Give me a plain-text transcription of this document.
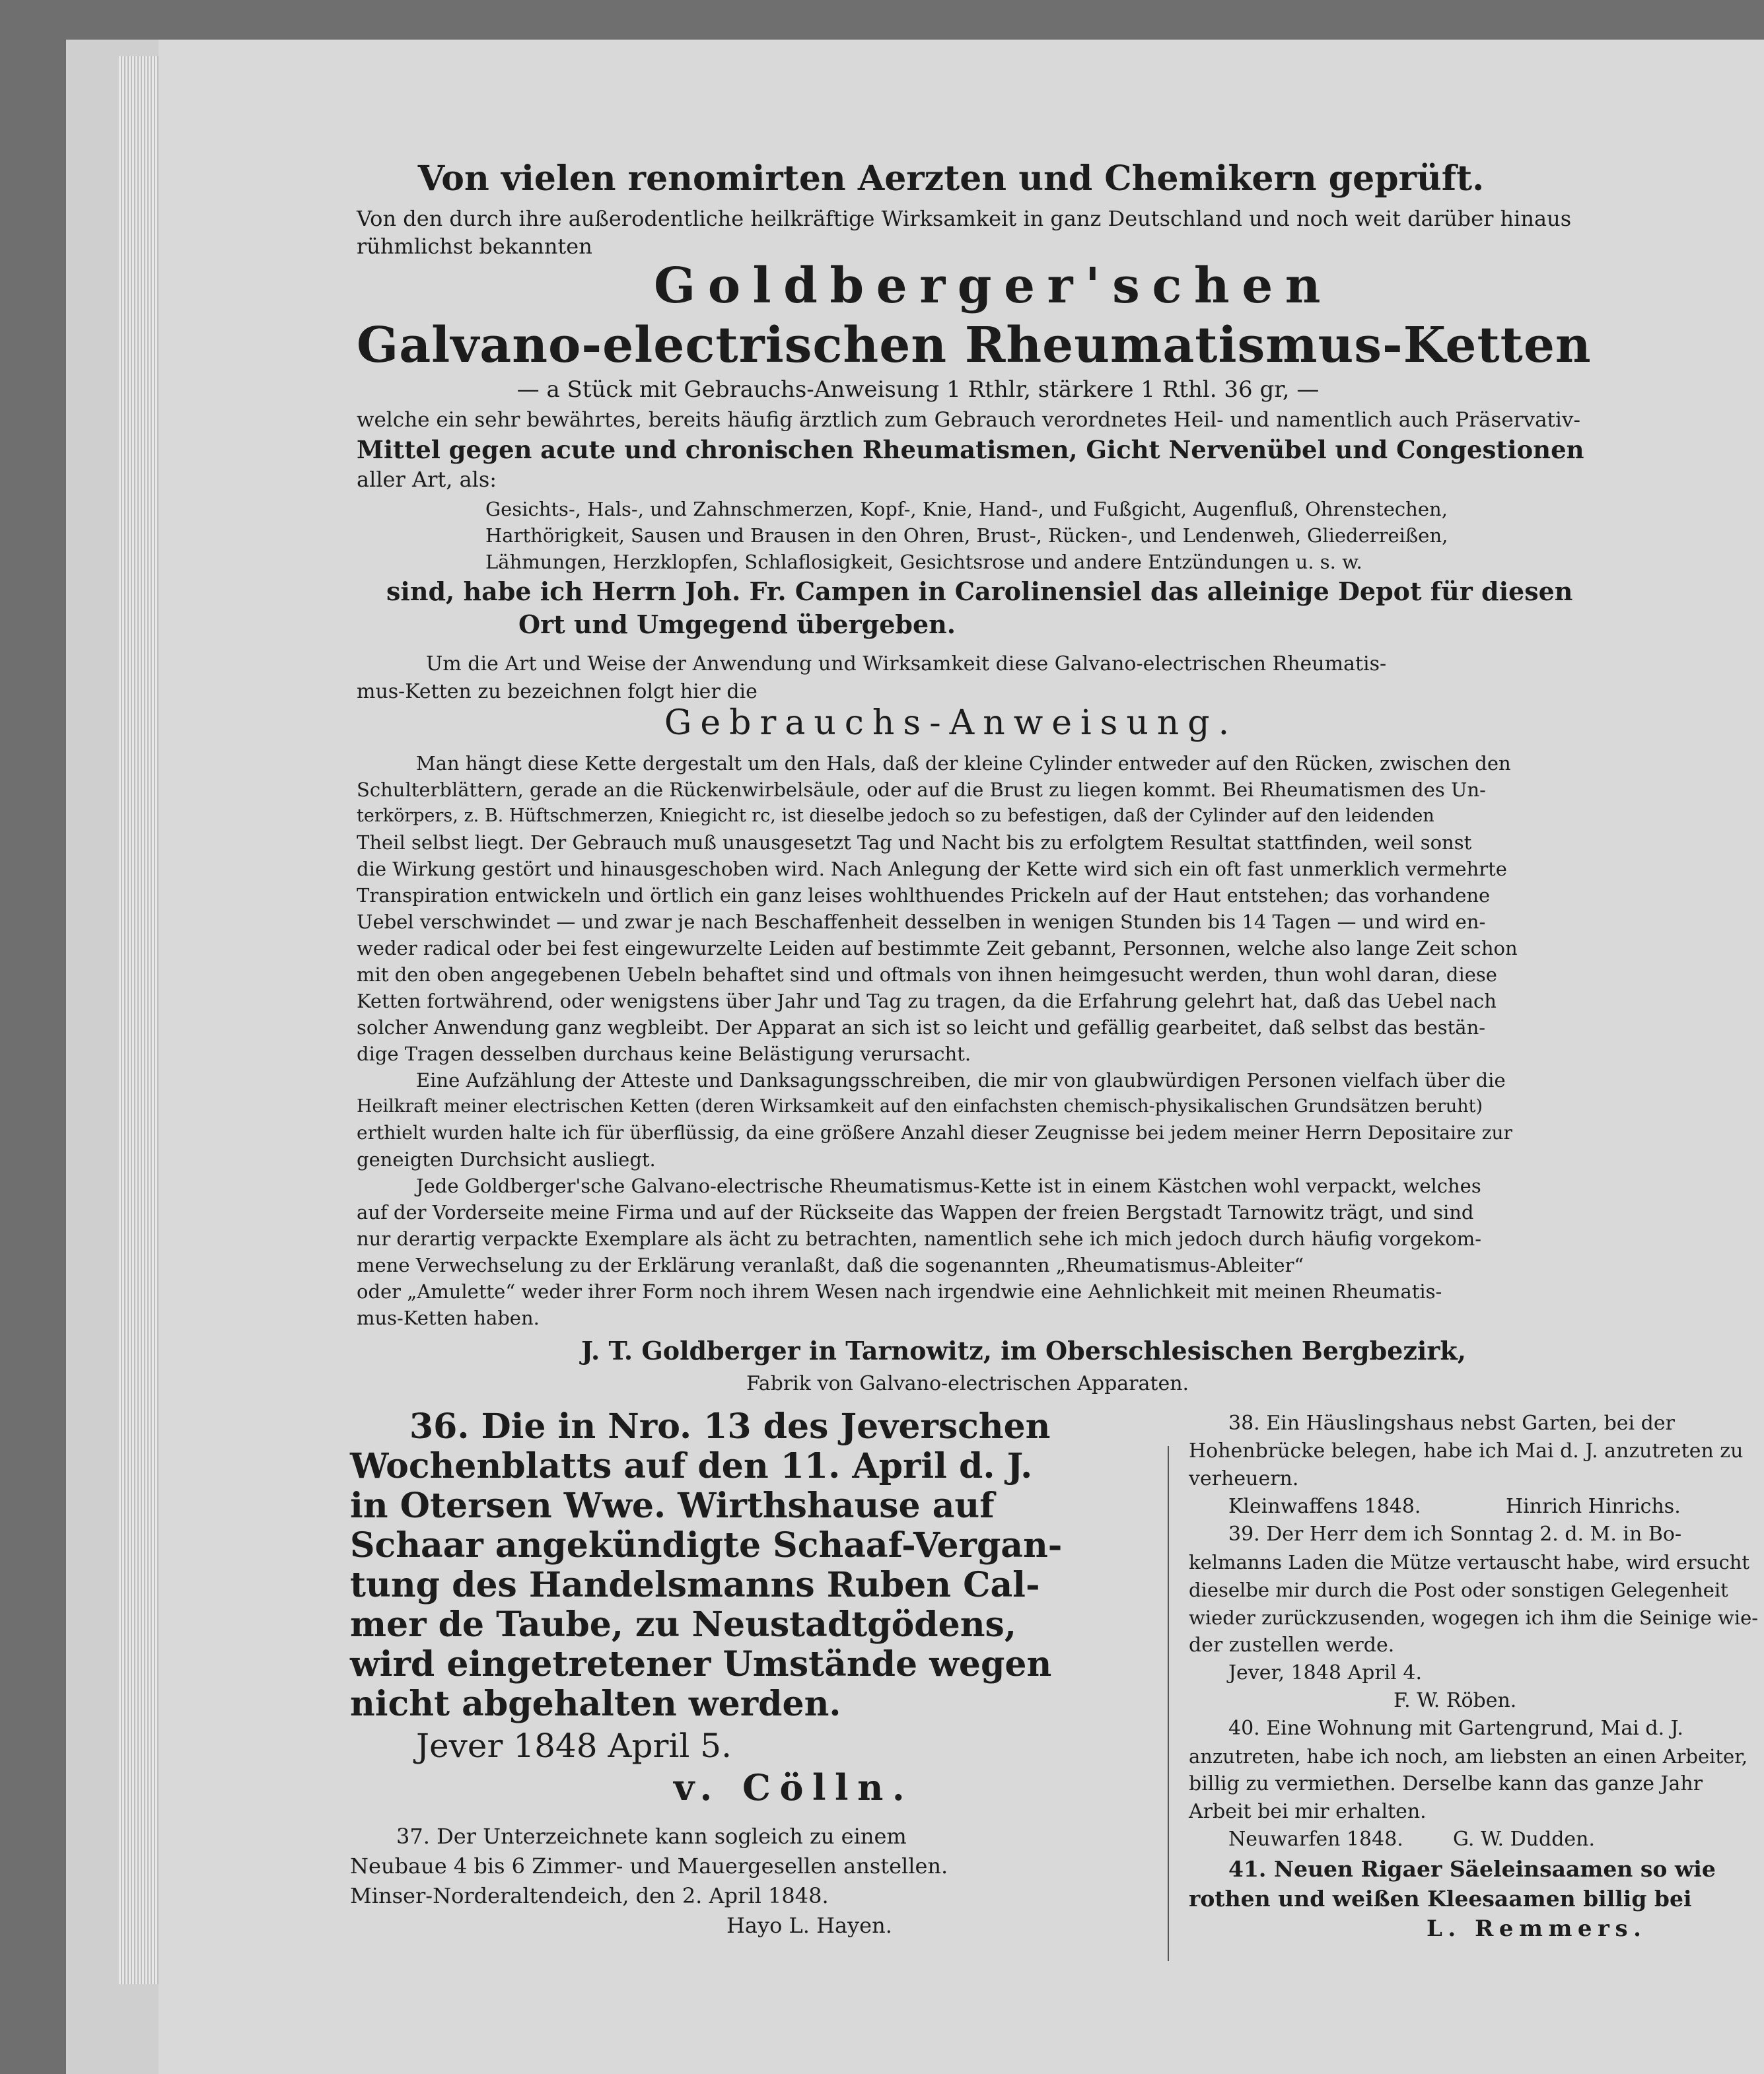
Von vielen renomirten Aerzten und Chemikern geprüft.
Von den durch ihre außerodentliche heilkräftige Wirksamkeit in ganz Deutschland und noch weit darüber hinaus
rühmlichst bekannten
Goldberger'schen
Galvano-electrischen Rheumatismus-Ketten
— a Stück mit Gebrauchs-Anweisung 1 Rthlr, stärkere 1 Rthl. 36 gr, —
welche ein sehr bewährtes, bereits häufig ärztlich zum Gebrauch verordnetes Heil- und namentlich auch Präservativ-
Mittel gegen acute und chronischen Rheumatismen, Gicht Nervenübel und Congestionen
aller Art, als:
Gesichts-, Hals-, und Zahnschmerzen, Kopf-, Knie, Hand-, und Fußgicht, Augenfluß, Ohrenstechen,
Harthörigkeit, Sausen und Brausen in den Ohren, Brust-, Rücken-, und Lendenweh, Gliederreißen,
Lähmungen, Herzklopfen, Schlaflosigkeit, Gesichtsrose und andere Entzündungen u. s. w.
sind, habe ich Herrn Joh. Fr. Campen in Carolinensiel das alleinige Depot für diesen
Ort und Umgegend übergeben.
Um die Art und Weise der Anwendung und Wirksamkeit diese Galvano-electrischen Rheumatis-
mus-Ketten zu bezeichnen folgt hier die
Gebrauchs-Anweisung.
Man hängt diese Kette dergestalt um den Hals, daß der kleine Cylinder entweder auf den Rücken, zwischen den
Schulterblättern, gerade an die Rückenwirbelsäule, oder auf die Brust zu liegen kommt. Bei Rheumatismen des Un-
terkörpers, z. B. Hüftschmerzen, Kniegicht rc, ist dieselbe jedoch so zu befestigen, daß der Cylinder auf den leidenden
Theil selbst liegt. Der Gebrauch muß unausgesetzt Tag und Nacht bis zu erfolgtem Resultat stattfinden, weil sonst
die Wirkung gestört und hinausgeschoben wird. Nach Anlegung der Kette wird sich ein oft fast unmerklich vermehrte
Transpiration entwickeln und örtlich ein ganz leises wohlthuendes Prickeln auf der Haut entstehen; das vorhandene
Uebel verschwindet — und zwar je nach Beschaffenheit desselben in wenigen Stunden bis 14 Tagen — und wird en-
weder radical oder bei fest eingewurzelte Leiden auf bestimmte Zeit gebannt, Personnen, welche also lange Zeit schon
mit den oben angegebenen Uebeln behaftet sind und oftmals von ihnen heimgesucht werden, thun wohl daran, diese
Ketten fortwährend, oder wenigstens über Jahr und Tag zu tragen, da die Erfahrung gelehrt hat, daß das Uebel nach
solcher Anwendung ganz wegbleibt. Der Apparat an sich ist so leicht und gefällig gearbeitet, daß selbst das bestän-
dige Tragen desselben durchaus keine Belästigung verursacht.
Eine Aufzählung der Atteste und Danksagungsschreiben, die mir von glaubwürdigen Personen vielfach über die
Heilkraft meiner electrischen Ketten (deren Wirksamkeit auf den einfachsten chemisch-physikalischen Grundsätzen beruht)
erthielt wurden halte ich für überflüssig, da eine größere Anzahl dieser Zeugnisse bei jedem meiner Herrn Depositaire zur
geneigten Durchsicht ausliegt.
Jede Goldberger'sche Galvano-electrische Rheumatismus-Kette ist in einem Kästchen wohl verpackt, welches
auf der Vorderseite meine Firma und auf der Rückseite das Wappen der freien Bergstadt Tarnowitz trägt, und sind
nur derartig verpackte Exemplare als ächt zu betrachten, namentlich sehe ich mich jedoch durch häufig vorgekom-
mene Verwechselung zu der Erklärung veranlaßt, daß die sogenannten „Rheumatismus-Ableiter“
oder „Amulette“ weder ihrer Form noch ihrem Wesen nach irgendwie eine Aehnlichkeit mit meinen Rheumatis-
mus-Ketten haben.
J. T. Goldberger in Tarnowitz, im Oberschlesischen Bergbezirk,
Fabrik von Galvano-electrischen Apparaten.
36. Die in Nro. 13 des Jeverschen
Wochenblatts auf den 11. April d. J.
in Otersen Wwe. Wirthshause auf
Schaar angekündigte Schaaf-Vergan-
tung des Handelsmanns Ruben Cal-
mer de Taube, zu Neustadtgödens,
wird eingetretener Umstände wegen
nicht abgehalten werden.
Jever 1848 April 5.
v. Cölln.
37. Der Unterzeichnete kann sogleich zu einem
Neubaue 4 bis 6 Zimmer- und Mauergesellen anstellen.
Minser-Norderaltendeich, den 2. April 1848.
Hayo L. Hayen.
38. Ein Häuslingshaus nebst Garten, bei der
Hohenbrücke belegen, habe ich Mai d. J. anzutreten zu
verheuern.
Kleinwaffens 1848.	Hinrich Hinrichs.
39. Der Herr dem ich Sonntag 2. d. M. in Bo-
kelmanns Laden die Mütze vertauscht habe, wird ersucht
dieselbe mir durch die Post oder sonstigen Gelegenheit
wieder zurückzusenden, wogegen ich ihm die Seinige wie-
der zustellen werde.
Jever, 1848 April 4.
F. W. Röben.
40. Eine Wohnung mit Gartengrund, Mai d. J.
anzutreten, habe ich noch, am liebsten an einen Arbeiter,
billig zu vermiethen. Derselbe kann das ganze Jahr
Arbeit bei mir erhalten.
Neuwarfen 1848.	G. W. Dudden.
41. Neuen Rigaer Säeleinsaamen so wie
rothen und weißen Kleesaamen billig bei
L. Remmers.
